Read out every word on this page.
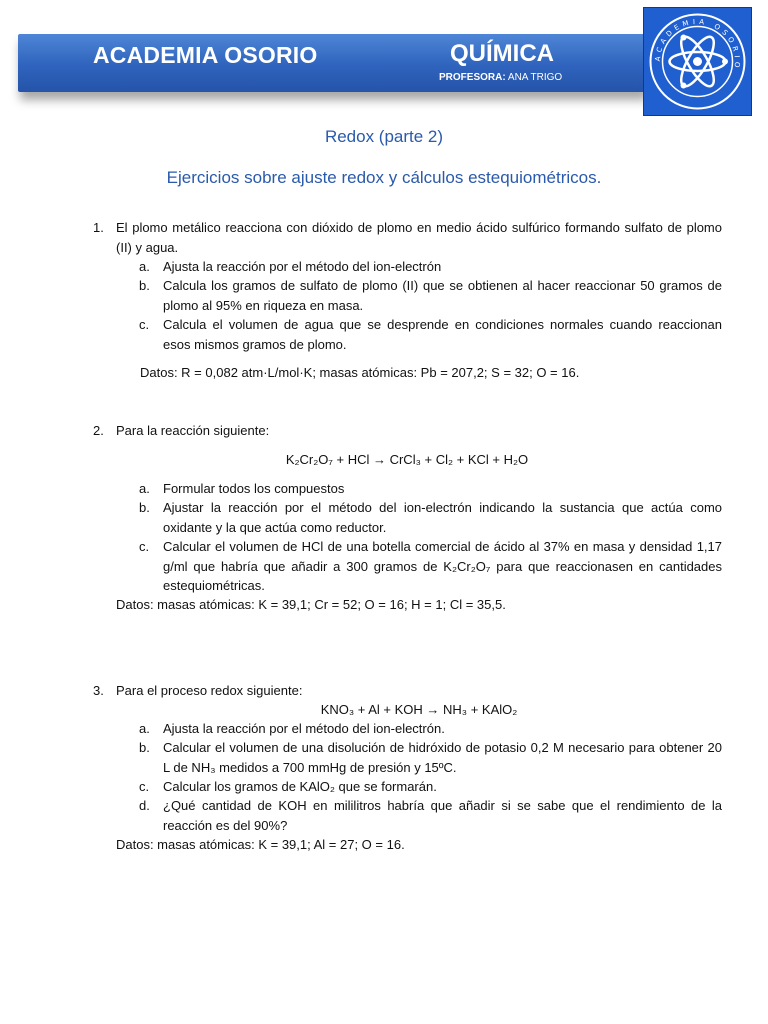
ACADEMIA OSORIO	QUÍMICA
PROFESORA: ANA TRIGO
ACADEMIA OSORIO
Redox (parte 2)
Ejercicios sobre ajuste redox y cálculos estequiométricos.
1. El plomo metálico reacciona con dióxido de plomo en medio ácido sulfúrico formando sulfato de plomo (II) y agua.
a. Ajusta la reacción por el método del ion-electrón
b. Calcula los gramos de sulfato de plomo (II) que se obtienen al hacer reaccionar 50 gramos de plomo al 95% en riqueza en masa.
c. Calcula el volumen de agua que se desprende en condiciones normales cuando reaccionan esos mismos gramos de plomo.
Datos: R = 0,082 atm·L/mol·K; masas atómicas: Pb = 207,2; S = 32; O = 16.
2. Para la reacción siguiente:
K₂Cr₂O₇ + HCl → CrCl₃ + Cl₂ + KCl + H₂O
a. Formular todos los compuestos
b. Ajustar la reacción por el método del ion-electrón indicando la sustancia que actúa como oxidante y la que actúa como reductor.
c. Calcular el volumen de HCl de una botella comercial de ácido al 37% en masa y densidad 1,17 g/ml que habría que añadir a 300 gramos de K₂Cr₂O₇ para que reaccionasen en cantidades estequiométricas.
Datos: masas atómicas: K = 39,1; Cr = 52; O = 16; H = 1; Cl = 35,5.
3. Para el proceso redox siguiente:
KNO₃ + Al + KOH → NH₃ + KAlO₂
a. Ajusta la reacción por el método del ion-electrón.
b. Calcular el volumen de una disolución de hidróxido de potasio 0,2 M necesario para obtener 20 L de NH₃ medidos a 700 mmHg de presión y 15ºC.
c. Calcular los gramos de KAlO₂ que se formarán.
d. ¿Qué cantidad de KOH en mililitros habría que añadir si se sabe que el rendimiento de la reacción es del 90%?
Datos: masas atómicas: K = 39,1; Al = 27; O = 16.
